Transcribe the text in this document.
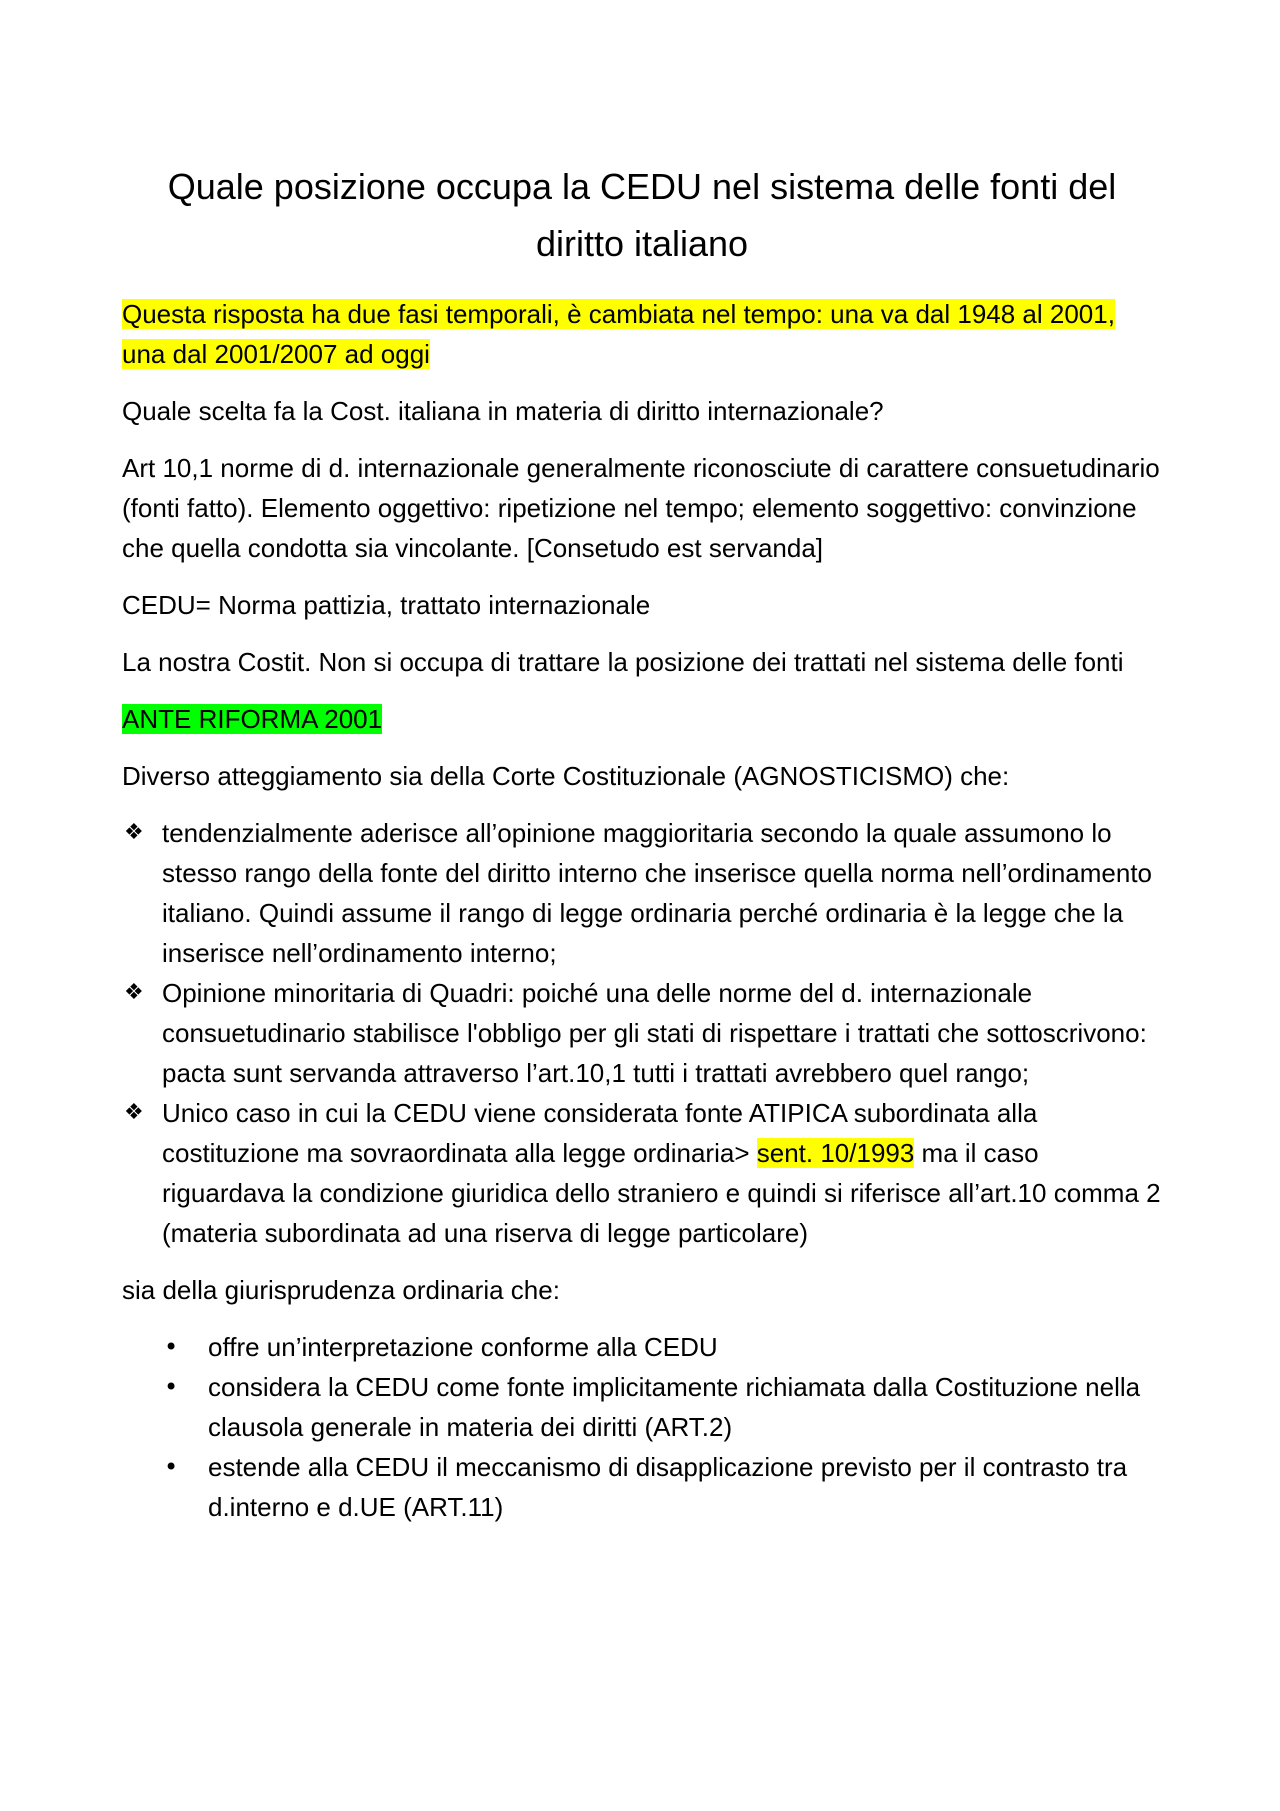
Quale posizione occupa la CEDU nel sistema delle fonti del diritto italiano

Questa risposta ha due fasi temporali, è cambiata nel tempo: una va dal 1948 al 2001, una dal 2001/2007 ad oggi

Quale scelta fa la Cost. italiana in materia di diritto internazionale?

Art 10,1 norme di d. internazionale generalmente riconosciute di carattere consuetudinario (fonti fatto). Elemento oggettivo: ripetizione nel tempo; elemento soggettivo: convinzione che quella condotta sia vincolante. [Consetudo est servanda]

CEDU= Norma pattizia, trattato internazionale

La nostra Costit. Non si occupa di trattare la posizione dei trattati nel sistema delle fonti

ANTE RIFORMA 2001

Diverso atteggiamento sia della Corte Costituzionale (AGNOSTICISMO) che:

❖ tendenzialmente aderisce all’opinione maggioritaria secondo la quale assumono lo stesso rango della fonte del diritto interno che inserisce quella norma nell’ordinamento italiano. Quindi assume il rango di legge ordinaria perché ordinaria è la legge che la inserisce nell’ordinamento interno;
❖ Opinione minoritaria di Quadri: poiché una delle norme del d. internazionale consuetudinario stabilisce l'obbligo per gli stati di rispettare i trattati che sottoscrivono: pacta sunt servanda attraverso l’art.10,1 tutti i trattati avrebbero quel rango;
❖ Unico caso in cui la CEDU viene considerata fonte ATIPICA subordinata alla costituzione ma sovraordinata alla legge ordinaria> sent. 10/1993 ma il caso riguardava la condizione giuridica dello straniero e quindi si riferisce all’art.10 comma 2 (materia subordinata ad una riserva di legge particolare)

sia della giurisprudenza ordinaria che:

• offre un’interpretazione conforme alla CEDU
• considera la CEDU come fonte implicitamente richiamata dalla Costituzione nella clausola generale in materia dei diritti (ART.2)
• estende alla CEDU il meccanismo di disapplicazione previsto per il contrasto tra d.interno e d.UE (ART.11)
